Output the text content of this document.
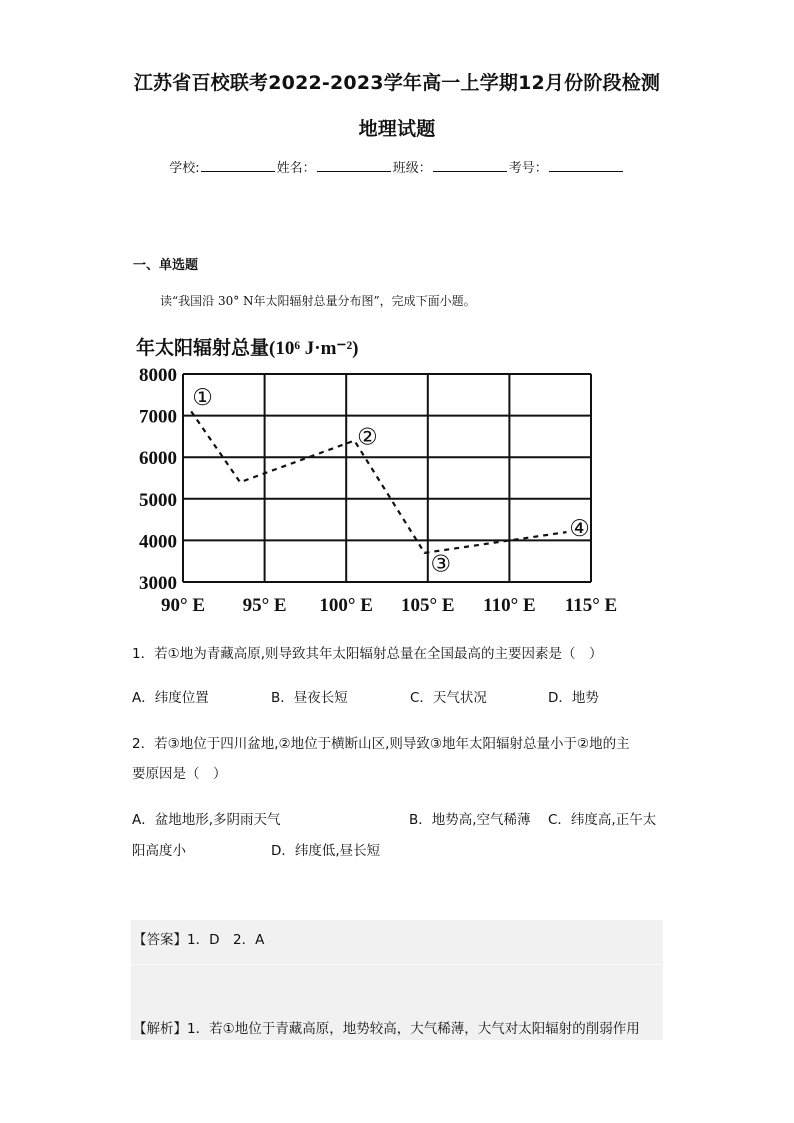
江苏省百校联考2022-2023学年高一上学期12月份阶段检测
地理试题
学校:	姓名：	班级：	考号：
一、单选题
读“我国沿 30° N年太阳辐射总量分布图”，完成下面小题。
年太阳辐射总量(10⁶ J·m⁻²)
8000
7000
6000
5000
4000
3000
90° E 95° E 100° E 105° E 110° E 115° E
①
②
③
④
1．若①地为青藏高原,则导致其年太阳辐射总量在全国最高的主要因素是（　）
A．纬度位置	B．昼夜长短	C．天气状况	D．地势
2．若③地位于四川盆地,②地位于横断山区,则导致③地年太阳辐射总量小于②地的主
要原因是（　）
A．盆地地形,多阴雨天气	B．地势高,空气稀薄 C．纬度高,正午太
阳高度小	D．纬度低,昼长短
【答案】1．D　2．A
【解析】1．若①地位于青藏高原，地势较高，大气稀薄，大气对太阳辐射的削弱作用
